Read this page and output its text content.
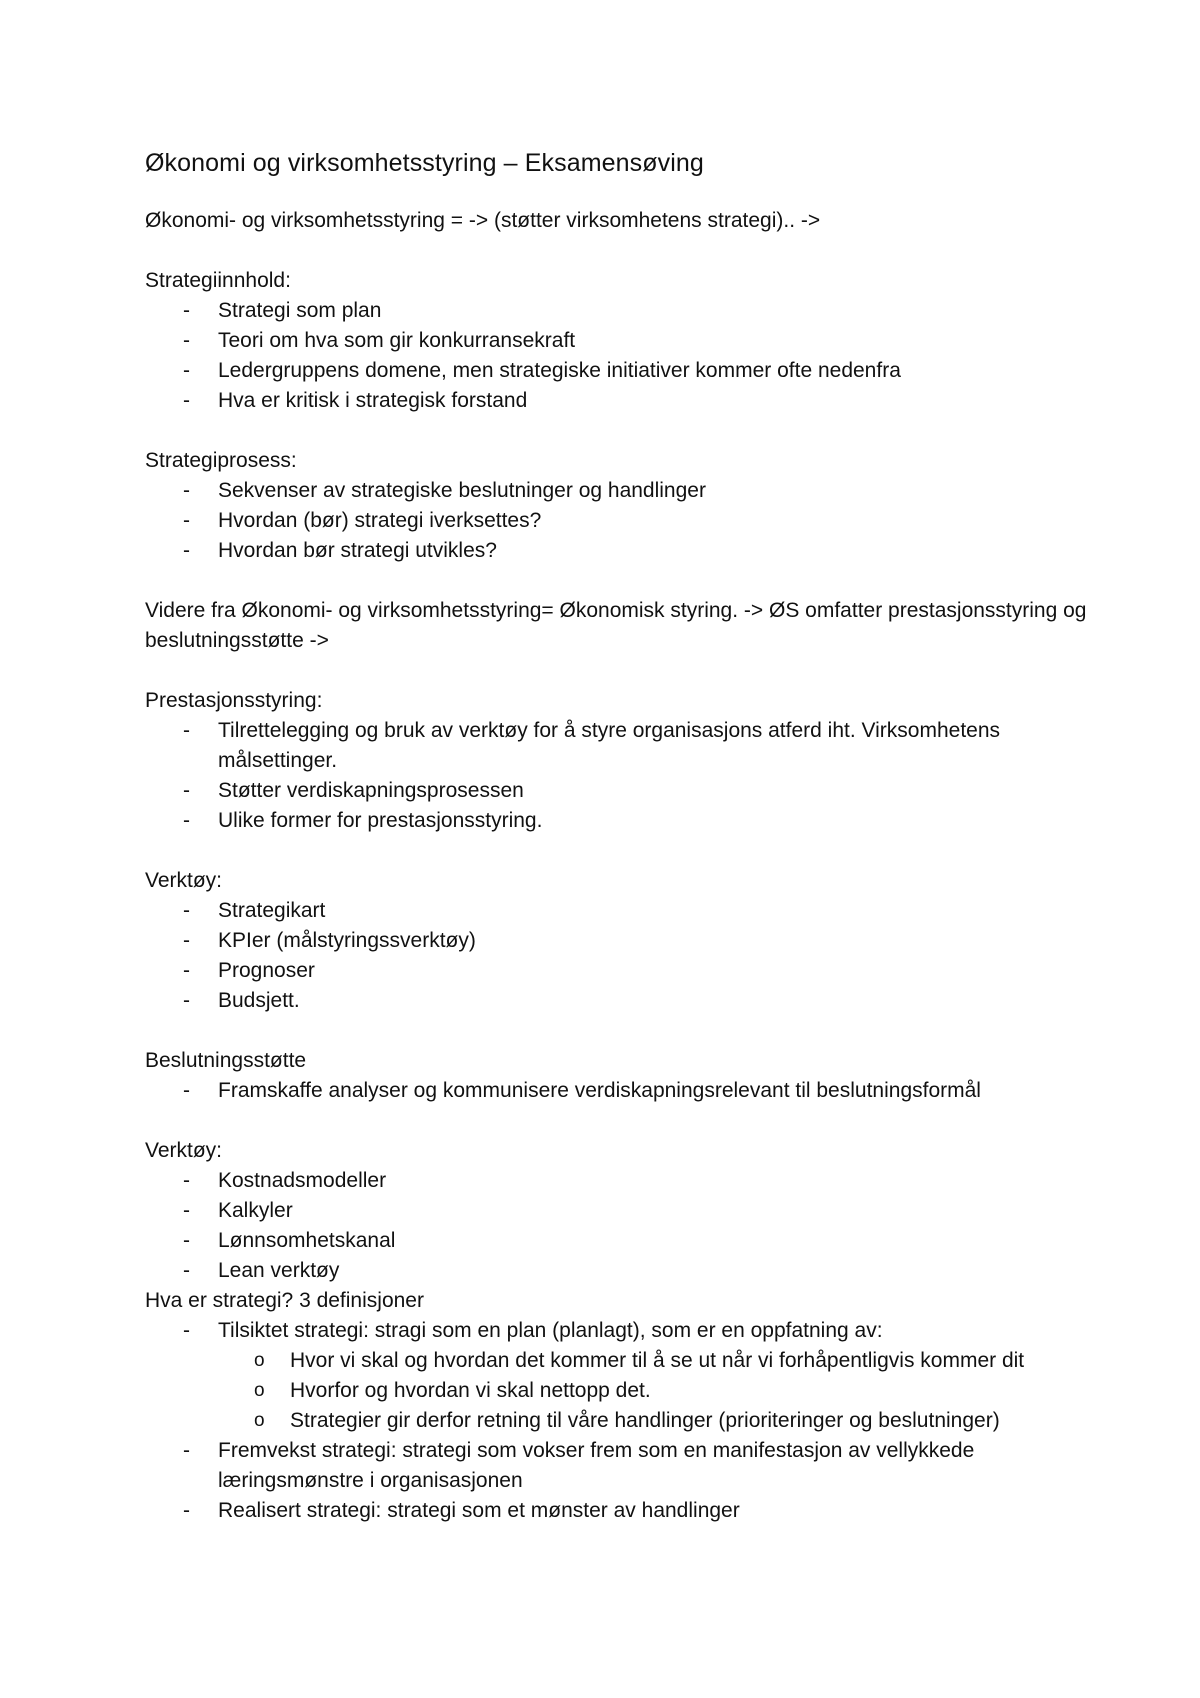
Økonomi og virksomhetsstyring – Eksamensøving

Økonomi- og virksomhetsstyring = -> (støtter virksomhetens strategi).. ->

Strategiinnhold:

- Strategi som plan
- Teori om hva som gir konkurransekraft
- Ledergruppens domene, men strategiske initiativer kommer ofte nedenfra
- Hva er kritisk i strategisk forstand

Strategiprosess:

- Sekvenser av strategiske beslutninger og handlinger
- Hvordan (bør) strategi iverksettes?
- Hvordan bør strategi utvikles?

Videre fra Økonomi- og virksomhetsstyring= Økonomisk styring. -> ØS omfatter prestasjonsstyring og beslutningsstøtte ->

Prestasjonsstyring:

- Tilrettelegging og bruk av verktøy for å styre organisasjons atferd iht. Virksomhetens målsettinger.
- Støtter verdiskapningsprosessen
- Ulike former for prestasjonsstyring.

Verktøy:

- Strategikart
- KPIer (målstyringssverktøy)
- Prognoser
- Budsjett.

Beslutningsstøtte

- Framskaffe analyser og kommunisere verdiskapningsrelevant til beslutningsformål

Verktøy:

- Kostnadsmodeller
- Kalkyler
- Lønnsomhetskanal
- Lean verktøy

Hva er strategi? 3 definisjoner

- Tilsiktet strategi: stragi som en plan (planlagt), som er en oppfatning av:
o Hvor vi skal og hvordan det kommer til å se ut når vi forhåpentligvis kommer dit
o Hvorfor og hvordan vi skal nettopp det.
o Strategier gir derfor retning til våre handlinger (prioriteringer og beslutninger)
- Fremvekst strategi: strategi som vokser frem som en manifestasjon av vellykkede læringsmønstre i organisasjonen
- Realisert strategi: strategi som et mønster av handlinger
